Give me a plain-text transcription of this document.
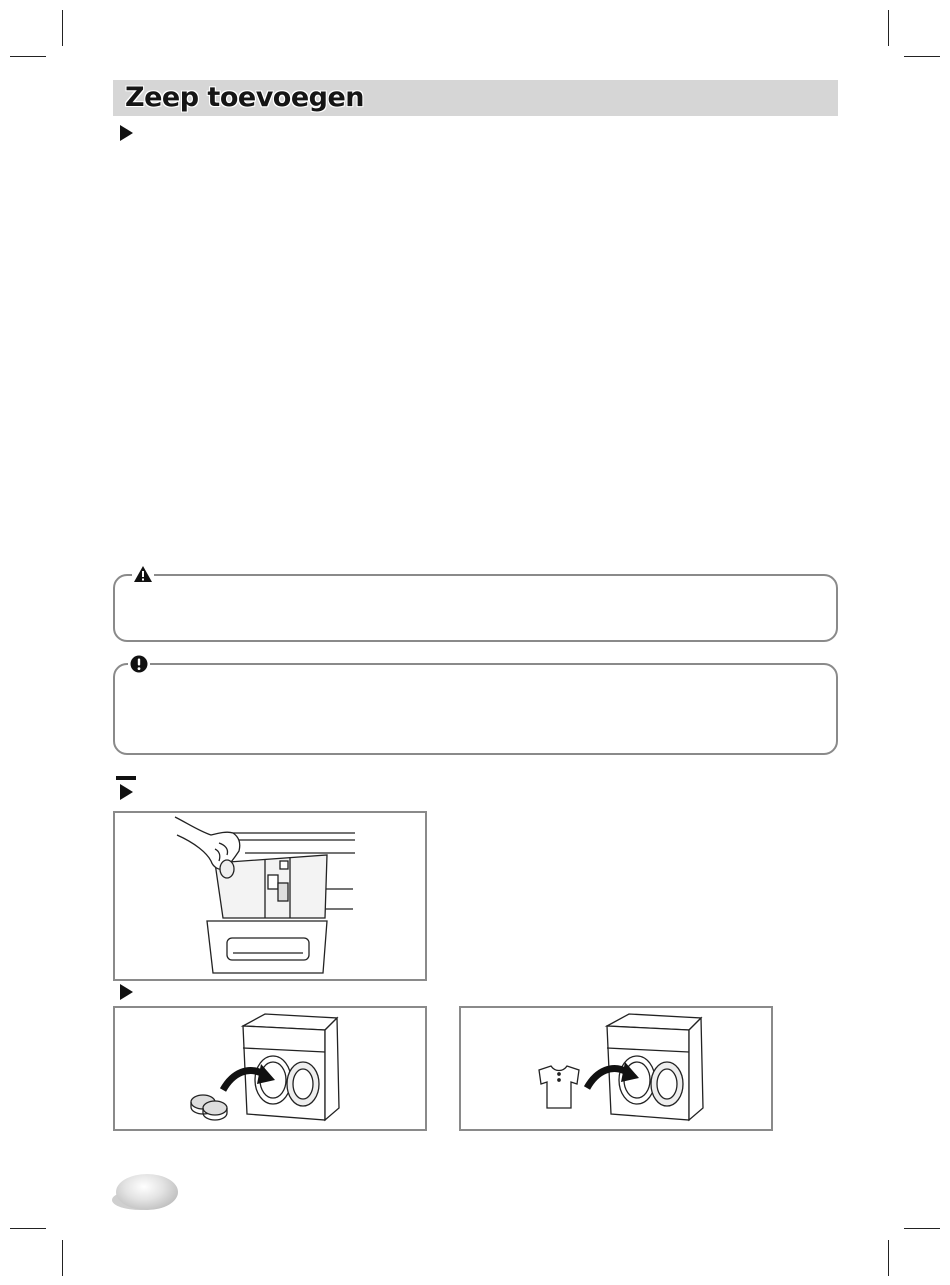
Zeep toevoegen
